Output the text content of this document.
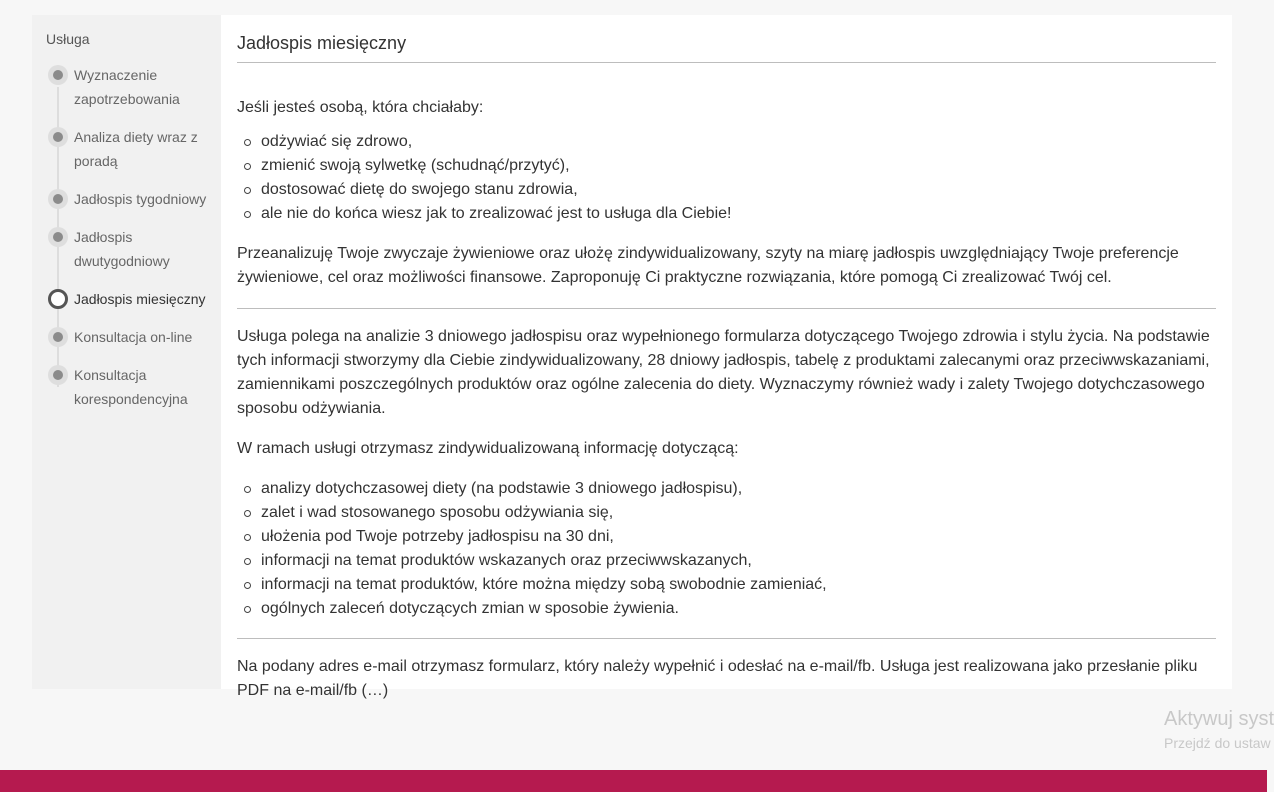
Usługa
Wyznaczenie zapotrzebowania
Analiza diety wraz z poradą
Jadłospis tygodniowy
Jadłospis dwutygodniowy
Jadłospis miesięczny
Konsultacja on-line
Konsultacja korespondencyjna
Jadłospis miesięczny

Jeśli jesteś osobą, która chciałaby:

odżywiać się zdrowo,
zmienić swoją sylwetkę (schudnąć/przytyć),
dostosować dietę do swojego stanu zdrowia,
ale nie do końca wiesz jak to zrealizować jest to usługa dla Ciebie!

Przeanalizuję Twoje zwyczaje żywieniowe oraz ułożę zindywidualizowany, szyty na miarę jadłospis uwzględniający Twoje preferencje żywieniowe, cel oraz możliwości finansowe. Zaproponuję Ci praktyczne rozwiązania, które pomogą Ci zrealizować Twój cel.

Usługa polega na analizie 3 dniowego jadłospisu oraz wypełnionego formularza dotyczącego Twojego zdrowia i stylu życia. Na podstawie tych informacji stworzymy dla Ciebie zindywidualizowany, 28 dniowy jadłospis, tabelę z produktami zalecanymi oraz przeciwwskazaniami, zamiennikami poszczególnych produktów oraz ogólne zalecenia do diety. Wyznaczymy również wady i zalety Twojego dotychczasowego sposobu odżywiania.

W ramach usługi otrzymasz zindywidualizowaną informację dotyczącą:

analizy dotychczasowej diety (na podstawie 3 dniowego jadłospisu),
zalet i wad stosowanego sposobu odżywiania się,
ułożenia pod Twoje potrzeby jadłospisu na 30 dni,
informacji na temat produktów wskazanych oraz przeciwwskazanych,
informacji na temat produktów, które można między sobą swobodnie zamieniać,
ogólnych zaleceń dotyczących zmian w sposobie żywienia.

Na podany adres e-mail otrzymasz formularz, który należy wypełnić i odesłać na e-mail/fb. Usługa jest realizowana jako przesłanie pliku PDF na e-mail/fb (…)

Aktywuj syst
Przejdź do ustaw
